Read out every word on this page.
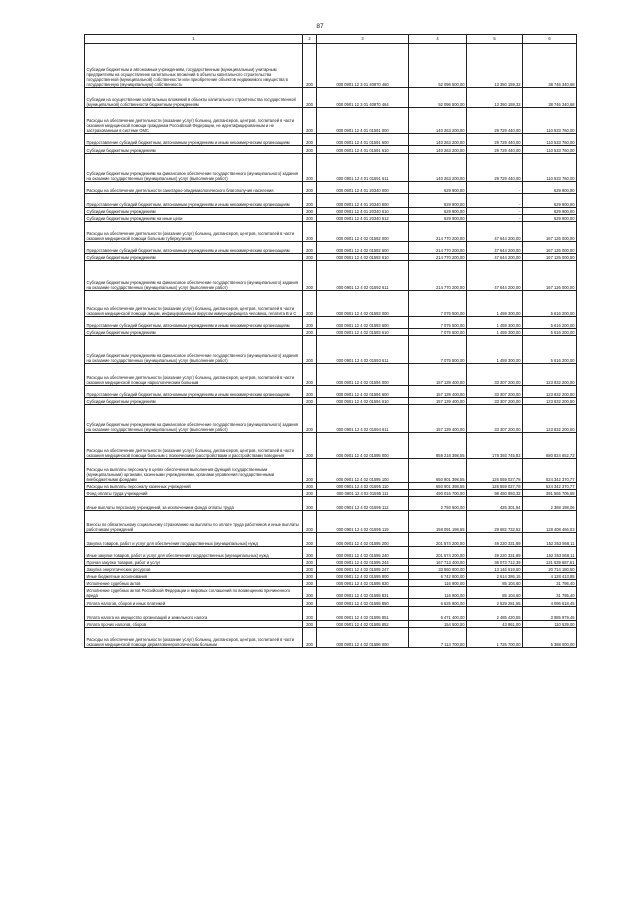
87
1	2	3	4	5	6
Субсидии бюджетным и автономным учреждениям, государственным (муниципальным) унитарным предприятиям на осуществление капитальных вложений в объекты капитального строительства государственной (муниципальной) собственности или приобретение объектов недвижимого имущества в государственную (муниципальную) собственность	200	000 0901 12 3 01 40870 460	52 096 500,00	13 350 159,32	38 746 340,68
Субсидии на осуществление капитальных вложений в объекты капитального строительства государственной (муниципальной) собственности бюджетным учреждениям	200	000 0901 12 3 01 40870 464	52 096 500,00	13 350 159,32	38 746 340,68
Расходы на обеспечение деятельности (оказание услуг) больниц, диспансеров, центров, госпиталей в части оказания медицинской помощи гражданам Российской Федерации, не идентифицированным и не застрахованным в системе ОМС	200	000 0901 12 4 01 01591 000	140 263 200,00	29 729 440,00	110 533 760,00
Предоставление субсидий бюджетным, автономным учреждениям и иным некоммерческим организациям	200	000 0901 12 4 01 01591 600	140 263 200,00	29 729 440,00	110 533 760,00
Субсидии бюджетным учреждениям	200	000 0901 12 4 01 01591 610	140 263 200,00	29 729 440,00	110 533 760,00
Субсидии бюджетным учреждениям на финансовое обеспечение государственного (муниципального) задания на оказание государственных (муниципальных) услуг (выполнение работ)	200	000 0901 12 4 01 01591 611	140 263 200,00	29 729 440,00	110 533 760,00
Расходы на обеспечение деятельности санитарно-эпидемиологического благополучия населения	200	000 0901 12 4 01 20340 000	629 900,00	-	629 900,00
Предоставление субсидий бюджетным, автономным учреждениям и иным некоммерческим организациям	200	000 0901 12 4 01 20340 600	629 900,00	-	629 900,00
Субсидии бюджетным учреждениям	200	000 0901 12 4 01 20340 610	629 900,00	-	629 900,00
Субсидии бюджетным учреждениям на иные цели	200	000 0901 12 4 01 20340 612	629 900,00	-	629 900,00
Расходы на обеспечение деятельности (оказание услуг) больниц, диспансеров, центров, госпиталей в части оказания медицинской помощи больным туберкулезом	200	000 0901 12 4 02 01592 000	214 770 200,00	47 644 200,00	167 126 000,00
Предоставление субсидий бюджетным, автономным учреждениям и иным некоммерческим организациям	200	000 0901 12 4 02 01592 600	214 770 200,00	47 644 200,00	167 126 000,00
Субсидии бюджетным учреждениям	200	000 0901 12 4 02 01592 610	214 770 200,00	47 644 200,00	167 126 000,00
Субсидии бюджетным учреждениям на финансовое обеспечение государственного (муниципального) задания на оказание государственных (муниципальных) услуг (выполнение работ)	200	000 0901 12 4 02 01592 611	214 770 200,00	47 644 200,00	167 126 000,00
Расходы на обеспечение деятельности (оказание услуг) больниц, диспансеров, центров, госпиталей в части оказания медицинской помощи лицам, инфицированным вирусом иммунодефицита человека, гепатита В и С	200	000 0901 12 4 02 01593 000	7 075 500,00	1 459 300,00	5 616 200,00
Предоставление субсидий бюджетным, автономным учреждениям и иным некоммерческим организациям	200	000 0901 12 4 02 01593 600	7 075 500,00	1 459 300,00	5 616 200,00
Субсидии бюджетным учреждениям	200	000 0901 12 4 02 01593 610	7 075 500,00	1 459 300,00	5 616 200,00
Субсидии бюджетным учреждениям на финансовое обеспечение государственного (муниципального) задания на оказание государственных (муниципальных) услуг (выполнение работ)	200	000 0901 12 4 02 01593 611	7 075 500,00	1 459 300,00	5 616 200,00
Расходы на обеспечение деятельности (оказание услуг) больниц, диспансеров, центров, госпиталей в части оказания медицинской помощи наркологическим больным	200	000 0901 12 4 02 01594 000	157 139 400,00	33 307 200,00	123 832 200,00
Предоставление субсидий бюджетным, автономным учреждениям и иным некоммерческим организациям	200	000 0901 12 4 02 01594 600	157 139 400,00	33 307 200,00	123 832 200,00
Субсидии бюджетным учреждениям	200	000 0901 12 4 02 01594 610	157 139 400,00	33 307 200,00	123 832 200,00
Субсидии бюджетным учреждениям на финансовое обеспечение государственного (муниципального) задания на оказание государственных (муниципальных) услуг (выполнение работ)	200	000 0901 12 4 02 01594 611	157 139 400,00	33 307 200,00	123 832 200,00
Расходы на обеспечение деятельности (оказание услуг) больниц, диспансеров, центров, госпиталей в части оказания медицинской помощи больным с психическими расстройствами и расстройствами поведения	200	000 0901 12 4 02 01595 000	859 218 398,55	178 393 745,82	680 824 652,73
Расходы на выплаты персоналу в целях обеспечения выполнения функций государственными (муниципальными) органами, казенными учреждениями, органами управления государственными внебюджетными фондами	200	000 0901 12 4 02 01595 100	650 901 398,55	126 559 027,78	524 342 370,77
Расходы на выплаты персоналу казенных учреждений	200	000 0901 12 4 02 01595 110	650 901 398,55	126 559 027,78	524 342 370,77
Фонд оплаты труда учреждений	200	000 0901 12 4 02 01595 111	490 016 700,00	98 450 993,32	391 565 706,68
Иные выплаты персоналу учреждений, за исключением фонда оплаты труда	200	000 0901 12 4 02 01595 112	2 793 500,00	425 301,94	2 368 198,06
Взносы по обязательному социальному страхованию на выплаты по оплате труда работников и иные выплаты работникам учреждений	200	000 0901 12 4 02 01595 119	158 091 198,55	29 682 732,52	128 408 466,03
Закупка товаров, работ и услуг для обеспечения государственных (муниципальных) нужд	200	000 0901 12 4 02 01595 200	201 574 200,00	49 220 331,89	152 353 868,11
Иные закупки товаров, работ и услуг для обеспечения государственных (муниципальных) нужд	200	000 0901 12 4 02 01595 240	201 574 200,00	49 220 331,89	152 353 868,11
Прочая закупка товаров, работ и услуг	200	000 0901 12 4 02 01595 244	167 713 400,00	36 073 712,39	131 639 687,61
Закупка энергетических ресурсов	200	000 0901 12 4 02 01595 247	33 860 800,00	13 146 619,50	20 714 180,50
Иные бюджетные ассигнования	200	000 0901 12 4 02 01595 800	6 742 800,00	2 614 386,15	4 128 413,85
Исполнение судебных актов	200	000 0901 12 4 02 01595 830	116 900,00	85 104,60	31 795,40
Исполнение судебных актов Российской Федерации и мировых соглашений по возмещению причиненного вреда	200	000 0901 12 4 02 01595 831	116 900,00	85 104,60	31 795,40
Уплата налогов, сборов и иных платежей	200	000 0901 12 4 02 01595 850	6 625 900,00	2 529 281,55	4 096 618,45
Уплата налога на имущество организаций и земельного налога	200	000 0901 12 4 02 01595 851	6 471 400,00	2 485 420,55	3 985 979,45
Уплата прочих налогов, сборов	200	000 0901 12 4 02 01595 852	154 500,00	43 861,00	110 639,00
Расходы на обеспечение деятельности (оказание услуг) больниц, диспансеров, центров, госпиталей в части оказания медицинской помощи дерматовенерологическим больным	200	000 0901 12 4 02 01596 000	7 113 700,00	1 725 700,00	5 388 000,00
